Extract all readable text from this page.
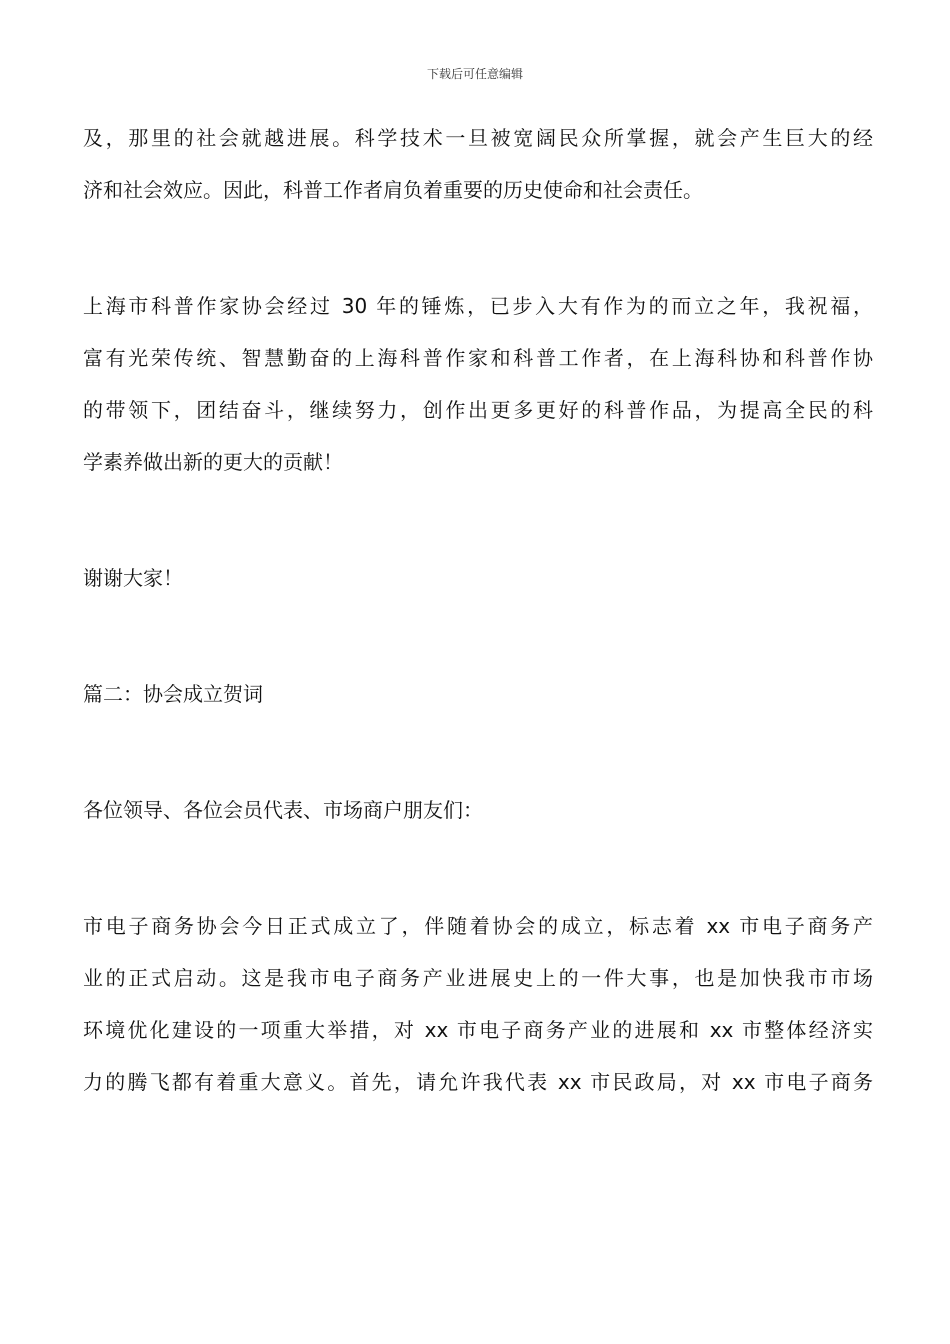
下载后可任意编辑
及，那里的社会就越进展。科学技术一旦被宽阔民众所掌握，就会产生巨大的经
济和社会效应。因此，科普工作者肩负着重要的历史使命和社会责任。
上海市科普作家协会经过 30 年的锤炼，已步入大有作为的而立之年，我祝福，
富有光荣传统、智慧勤奋的上海科普作家和科普工作者，在上海科协和科普作协
的带领下，团结奋斗，继续努力，创作出更多更好的科普作品，为提高全民的科
学素养做出新的更大的贡献！
谢谢大家！
篇二：协会成立贺词
各位领导、各位会员代表、市场商户朋友们：
市电子商务协会今日正式成立了，伴随着协会的成立，标志着 xx 市电子商务产
业的正式启动。这是我市电子商务产业进展史上的一件大事，也是加快我市市场
环境优化建设的一项重大举措，对 xx 市电子商务产业的进展和 xx 市整体经济实
力的腾飞都有着重大意义。首先，请允许我代表 xx 市民政局，对 xx 市电子商务
